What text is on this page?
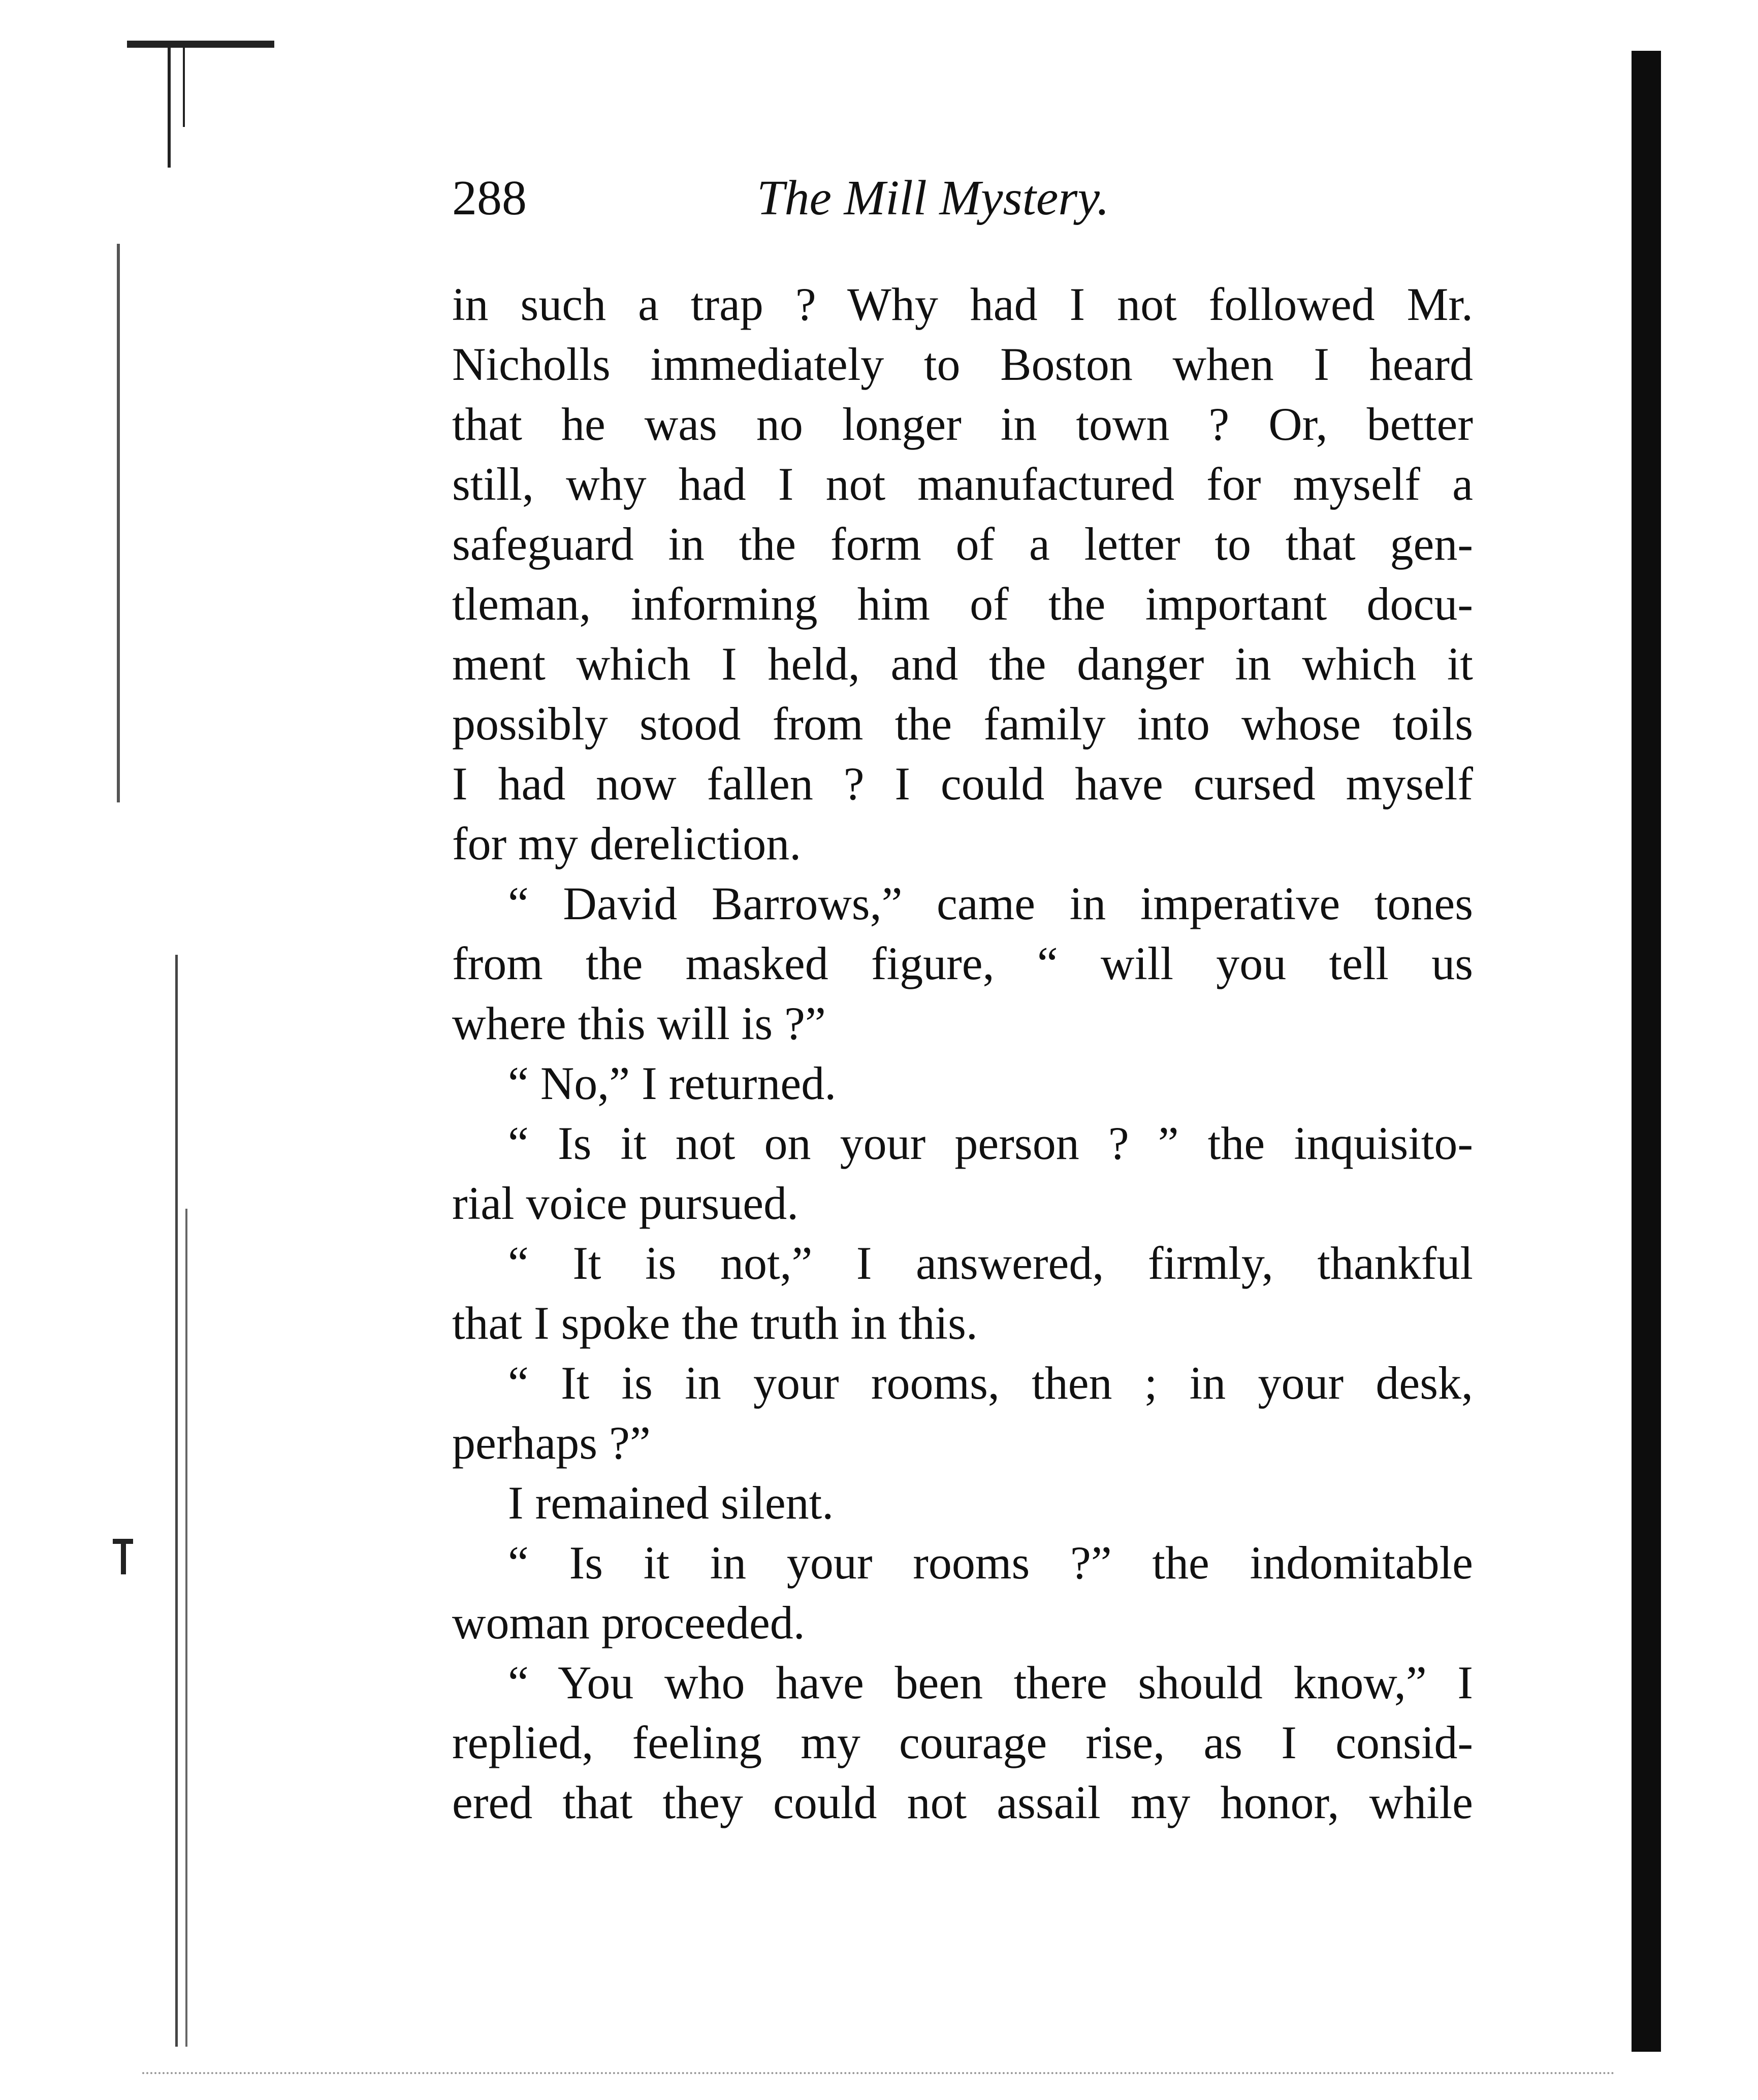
288	The Mill Mystery.
in such a trap ? Why had I not followed Mr.
Nicholls immediately to Boston when I heard
that he was no longer in town ? Or, better
still, why had I not manufactured for myself a
safeguard in the form of a letter to that gen-
tleman, informing him of the important docu-
ment which I held, and the danger in which it
possibly stood from the family into whose toils
I had now fallen ? I could have cursed myself
for my dereliction.
“ David Barrows,” came in imperative tones
from the masked figure, “ will you tell us
where this will is ?”
“ No,” I returned.
“ Is it not on your person ? ” the inquisito-
rial voice pursued.
“ It is not,” I answered, firmly, thankful
that I spoke the truth in this.
“ It is in your rooms, then ; in your desk,
perhaps ?”
I remained silent.
“ Is it in your rooms ?” the indomitable
woman proceeded.
“ You who have been there should know,” I
replied, feeling my courage rise, as I consid-
ered that they could not assail my honor, while
